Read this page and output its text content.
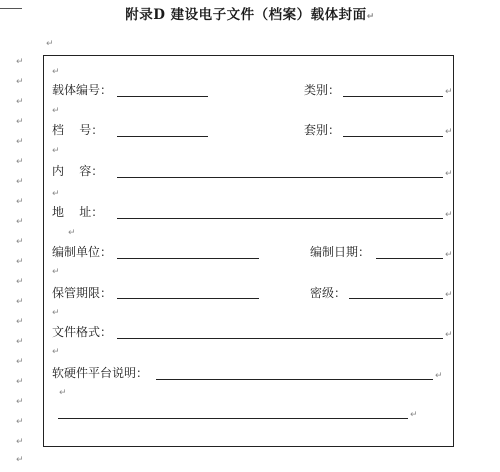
附录D 建设电子文件（档案）载体封面↵
↵
↵
↵
↵
↵
↵
↵
↵
↵
↵
↵
↵
↵
↵
↵
↵
↵
↵
↵
↵
↵
↵
↵
↵
↵
↵
↵
↵
↵
↵
↵
载体编号：	类别：	↵
档    号：	套别：	↵
内    容：	↵
地    址：	↵
编制单位：	编制日期：	↵
保管期限：	密级：	↵
文件格式：	↵
软硬件平台说明：	↵
↵
